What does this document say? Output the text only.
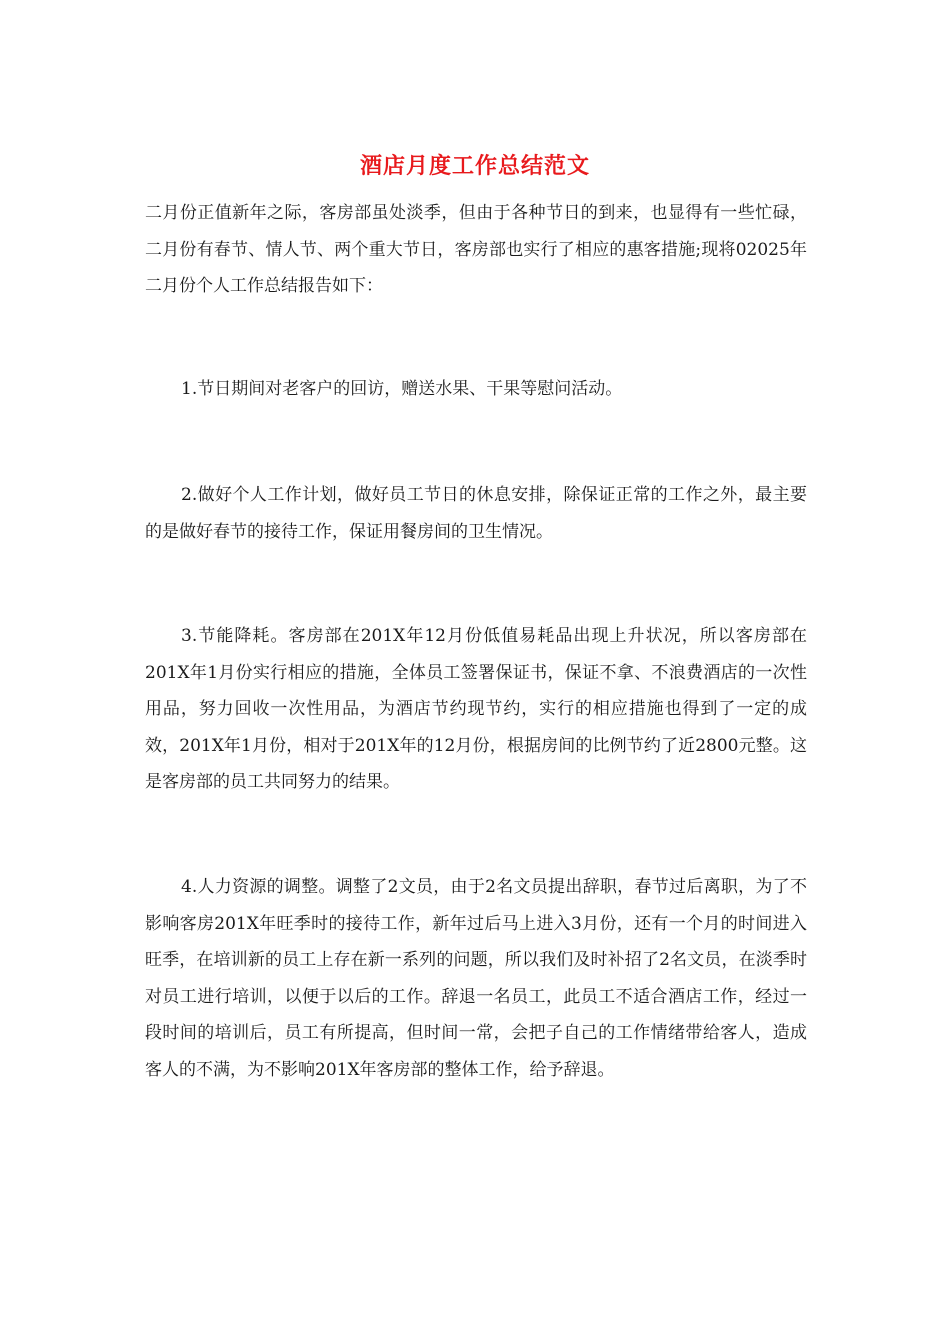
酒店月度工作总结范文

二月份正值新年之际，客房部虽处淡季，但由于各种节日的到来，也显得有一些忙碌，二月份有春节、情人节、两个重大节日，客房部也实行了相应的惠客措施;现将02025年二月份个人工作总结报告如下：

1.节日期间对老客户的回访，赠送水果、干果等慰问活动。

2.做好个人工作计划，做好员工节日的休息安排，除保证正常的工作之外，最主要的是做好春节的接待工作，保证用餐房间的卫生情况。

3.节能降耗。客房部在201X年12月份低值易耗品出现上升状况，所以客房部在201X年1月份实行相应的措施，全体员工签署保证书，保证不拿、不浪费酒店的一次性用品，努力回收一次性用品，为酒店节约现节约，实行的相应措施也得到了一定的成效，201X年1月份，相对于201X年的12月份，根据房间的比例节约了近2800元整。这是客房部的员工共同努力的结果。

4.人力资源的调整。调整了2文员，由于2名文员提出辞职，春节过后离职，为了不影响客房201X年旺季时的接待工作，新年过后马上进入3月份，还有一个月的时间进入旺季，在培训新的员工上存在新一系列的问题，所以我们及时补招了2名文员，在淡季时对员工进行培训，以便于以后的工作。辞退一名员工，此员工不适合酒店工作，经过一段时间的培训后，员工有所提高，但时间一常，会把子自己的工作情绪带给客人，造成客人的不满，为不影响201X年客房部的整体工作，给予辞退。
